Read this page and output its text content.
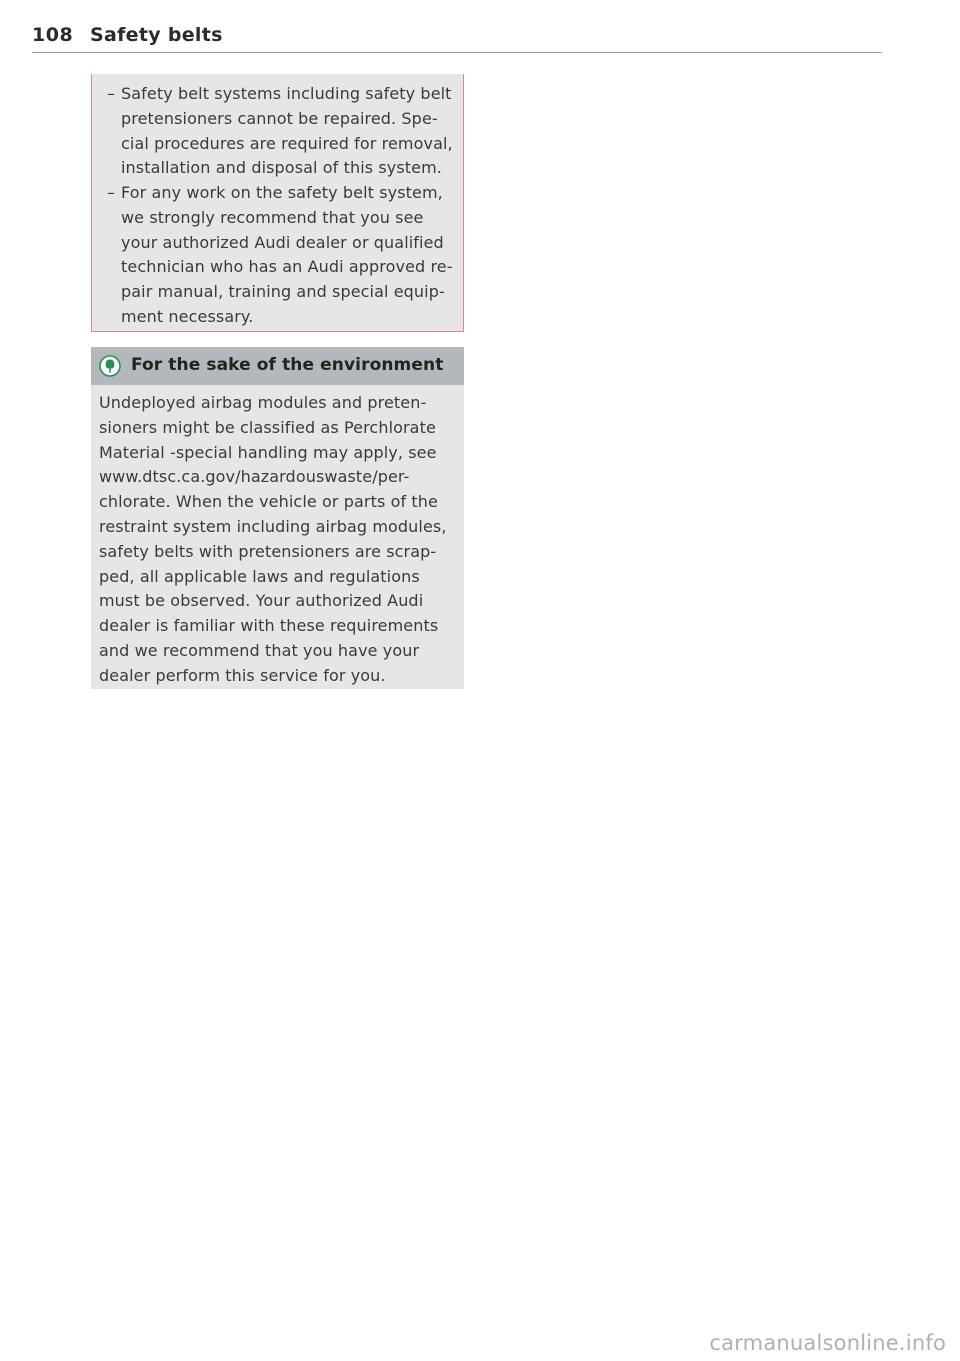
108 Safety belts
– Safety belt systems including safety belt
pretensioners cannot be repaired. Spe-
cial procedures are required for removal,
installation and disposal of this system.
– For any work on the safety belt system,
we strongly recommend that you see
your authorized Audi dealer or qualified
technician who has an Audi approved re-
pair manual, training and special equip-
ment necessary.
For the sake of the environment
Undeployed airbag modules and preten-
sioners might be classified as Perchlorate
Material -special handling may apply, see
www.dtsc.ca.gov/hazardouswaste/per-
chlorate. When the vehicle or parts of the
restraint system including airbag modules,
safety belts with pretensioners are scrap-
ped, all applicable laws and regulations
must be observed. Your authorized Audi
dealer is familiar with these requirements
and we recommend that you have your
dealer perform this service for you.
carmanualsonline.info
